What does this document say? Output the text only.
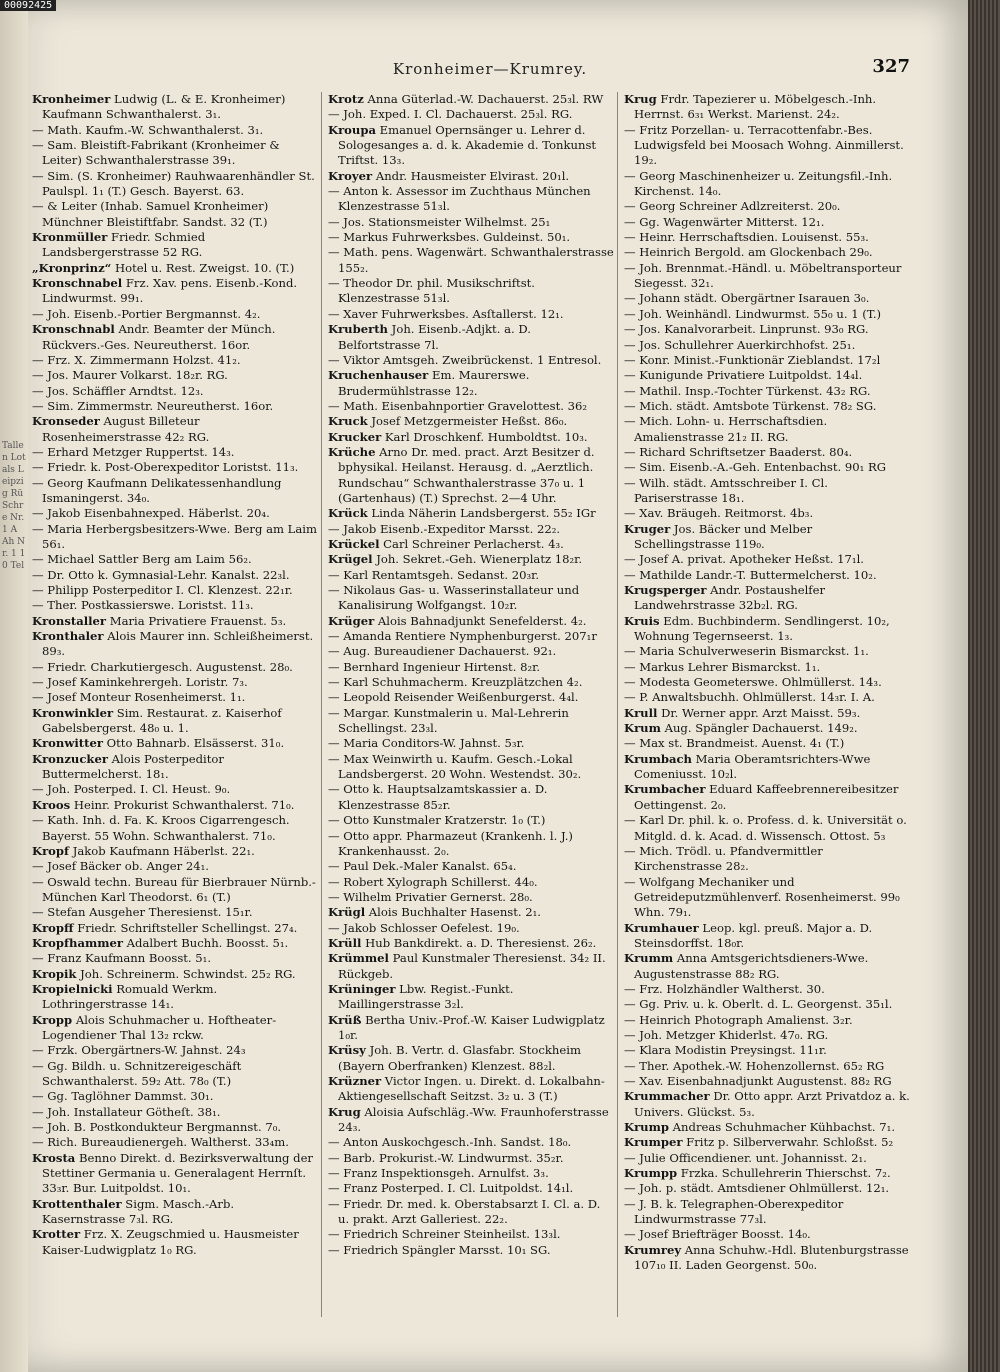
Tallen Lotals Leipzig Rü Schre Nr. 1 A Ah Nr. 1 10 Tel
00092425
Kronheimer—Krumrey.	327

Kronheimer Ludwig (L. & E. Kronheimer) Kaufmann Schwanthalerst. 3₁.

— Math. Kaufm.-W. Schwanthalerst. 3₁.

— Sam. Bleistift-Fabrikant (Kronheimer & Leiter) Schwanthalerstrasse 39₁.

— Sim. (S. Kronheimer) Rauhwaarenhändler St. Paulspl. 1₁ (T.) Gesch. Bayerst. 63.

— & Leiter (Inhab. Samuel Kronheimer) Münchner Bleistiftfabr. Sandst. 32 (T.)

Kronmüller Friedr. Schmied Landsbergerstrasse 52 RG.

„Kronprinz“ Hotel u. Rest. Zweigst. 10. (T.)

Kronschnabel Frz. Xav. pens. Eisenb.-Kond. Lindwurmst. 99₁.

— Joh. Eisenb.-Portier Bergmannst. 4₂.

Kronschnabl Andr. Beamter der Münch. Rückvers.-Ges. Neureutherst. 16or.

— Frz. X. Zimmermann Holzst. 41₂.

— Jos. Maurer Volkarst. 18₂r. RG.

— Jos. Schäffler Arndtst. 12₃.

— Sim. Zimmermstr. Neureutherst. 16or.

Kronseder August Billeteur Rosenheimerstrasse 42₂ RG.

— Erhard Metzger Ruppertst. 14₃.

— Friedr. k. Post-Oberexpeditor Loristst. 11₃.

— Georg Kaufmann Delikatessenhandlung Ismaningerst. 34₀.

— Jakob Eisenbahnexped. Häberlst. 20₄.

— Maria Herbergsbesitzers-Wwe. Berg am Laim 56₁.

— Michael Sattler Berg am Laim 56₂.

— Dr. Otto k. Gymnasial-Lehr. Kanalst. 22₃l.

— Philipp Posterpeditor I. Cl. Klenzest. 22₁r.

— Ther. Postkassierswe. Loristst. 11₃.

Kronstaller Maria Privatiere Frauenst. 5₃.

Kronthaler Alois Maurer inn. Schleißheimerst. 89₃.

— Friedr. Charkutiergesch. Augustenst. 28₀.

— Josef Kaminkehrergeh. Loristr. 7₃.

— Josef Monteur Rosenheimerst. 1₁.

Kronwinkler Sim. Restaurat. z. Kaiserhof Gabelsbergerst. 48₀ u. 1.

Kronwitter Otto Bahnarb. Elsässerst. 31₀.

Kronzucker Alois Posterpeditor Buttermelcherst. 18₁.

— Joh. Posterped. I. Cl. Heust. 9₀.

Kroos Heinr. Prokurist Schwanthalerst. 71₀.

— Kath. Inh. d. Fa. K. Kroos Cigarrengesch. Bayerst. 55 Wohn. Schwanthalerst. 71₀.

Kropf Jakob Kaufmann Häberlst. 22₁.

— Josef Bäcker ob. Anger 24₁.

— Oswald techn. Bureau für Bierbrauer Nürnb.-München Karl Theodorst. 6₁ (T.)

— Stefan Ausgeher Theresienst. 15₁r.

Kropff Friedr. Schriftsteller Schellingst. 27₄.

Kropfhammer Adalbert Buchh. Boosst. 5₁.

— Franz Kaufmann Boosst. 5₁.

Kropik Joh. Schreinerm. Schwindst. 25₂ RG.

Kropielnicki Romuald Werkm. Lothringerstrasse 14₁.

Kropp Alois Schuhmacher u. Hoftheater-Logendiener Thal 13₂ rckw.

— Frzk. Obergärtners-W. Jahnst. 24₃

— Gg. Bildh. u. Schnitzereigeschäft Schwanthalerst. 59₂ Att. 78₀ (T.)

— Gg. Taglöhner Dammst. 30₁.

— Joh. Installateur Götheſt. 38₁.

— Joh. B. Postkondukteur Bergmannst. 7₀.

— Rich. Bureaudienergeh. Waltherst. 33₄m.

Krosta Benno Direkt. d. Bezirksverwaltung der Stettiner Germania u. Generalagent Herrnſt. 33₃r. Bur. Luitpoldst. 10₁.

Krottenthaler Sigm. Masch.-Arb. Kasernstrasse 7₃l. RG.

Krotter Frz. X. Zeugschmied u. Hausmeister Kaiser-Ludwigplatz 1₀ RG.

Krotz Anna Güterlad.-W. Dachauerst. 25₃l. RW

— Joh. Exped. I. Cl. Dachauerst. 25₃l. RG.

Kroupa Emanuel Opernsänger u. Lehrer d. Sologesanges a. d. k. Akademie d. Tonkunst Triftst. 13₃.

Kroyer Andr. Hausmeister Elvirast. 20₁l.

— Anton k. Assessor im Zuchthaus München Klenzestrasse 51₃l.

— Jos. Stationsmeister Wilhelmst. 25₁

— Markus Fuhrwerksbes. Guldeinst. 50₁.

— Math. pens. Wagenwärt. Schwanthalerstrasse 155₂.

— Theodor Dr. phil. Musikschriftst. Klenzestrasse 51₃l.

— Xaver Fuhrwerksbes. Asſtallerst. 12₁.

Kruberth Joh. Eisenb.-Adjkt. a. D. Belfortstrasse 7l.

— Viktor Amtsgeh. Zweibrückenst. 1 Entresol.

Kruchenhauser Em. Maurerswe. Brudermühlstrasse 12₂.

— Math. Eisenbahnportier Gravelottest. 36₂

Kruck Josef Metzgermeister Heßst. 86₀.

Krucker Karl Droschkenf. Humboldtst. 10₃.

Krüche Arno Dr. med. pract. Arzt Besitzer d. bphysikal. Heilanst. Herausg. d. „Aerztlich. Rundschau“ Schwanthalerstrasse 37₀ u. 1 (Gartenhaus) (T.) Sprechst. 2—4 Uhr.

Krück Linda Näherin Landsbergerst. 55₂ IGr

— Jakob Eisenb.-Expeditor Marsst. 22₂.

Krückel Carl Schreiner Perlacherst. 4₃.

Krügel Joh. Sekret.-Geh. Wienerplatz 18₂r.

— Karl Rentamtsgeh. Sedanst. 20₃r.

— Nikolaus Gas- u. Wasserinstallateur und Kanalisirung Wolfgangst. 10₂r.

Krüger Alois Bahnadjunkt Senefelderst. 4₂.

— Amanda Rentiere Nymphenburgerst. 207₁r

— Aug. Bureaudiener Dachauerst. 92₁.

— Bernhard Ingenieur Hirtenst. 8₂r.

— Karl Schuhmacherm. Kreuzplätzchen 4₂.

— Leopold Reisender Weißenburgerst. 4₄l.

— Margar. Kunstmalerin u. Mal-Lehrerin Schellingst. 23₃l.

— Maria Conditors-W. Jahnst. 5₃r.

— Max Weinwirth u. Kaufm. Gesch.-Lokal Landsbergerst. 20 Wohn. Westendst. 30₂.

— Otto k. Hauptsalzamtskassier a. D. Klenzestrasse 85₂r.

— Otto Kunstmaler Kratzerstr. 1₀ (T.)

— Otto appr. Pharmazeut (Krankenh. l. J.) Krankenhausst. 2₀.

— Paul Dek.-Maler Kanalst. 65₄.

— Robert Xylograph Schillerst. 44₀.

— Wilhelm Privatier Gernerst. 28₀.

Krügl Alois Buchhalter Hasenst. 2₁.

— Jakob Schlosser Oefelest. 19₀.

Krüll Hub Bankdirekt. a. D. Theresienst. 26₂.

Krümmel Paul Kunstmaler Theresienst. 34₂ II. Rückgeb.

Krüninger Lbw. Regist.-Funkt. Maillingerstrasse 3₂l.

Krüß Bertha Univ.-Prof.-W. Kaiser Ludwigplatz 1₀r.

Krüsy Joh. B. Vertr. d. Glasfabr. Stockheim (Bayern Oberfranken) Klenzest. 88₂l.

Krüzner Victor Ingen. u. Direkt. d. Lokalbahn-Aktiengesellschaft Seitzst. 3₂ u. 3 (T.)

Krug Aloisia Aufschläg.-Ww. Fraunhoferstrasse 24₃.

— Anton Auskochgesch.-Inh. Sandst. 18₀.

— Barb. Prokurist.-W. Lindwurmst. 35₂r.

— Franz Inspektionsgeh. Arnulfst. 3₃.

— Franz Posterped. I. Cl. Luitpoldst. 14₁l.

— Friedr. Dr. med. k. Oberstabsarzt I. Cl. a. D. u. prakt. Arzt Galleriest. 22₂.

— Friedrich Schreiner Steinheilst. 13₃l.

— Friedrich Spängler Marsst. 10₁ SG.

Krug Frdr. Tapezierer u. Möbelgesch.-Inh. Herrnst. 6₃₁ Werkst. Marienst. 24₂.

— Fritz Porzellan- u. Terracottenfabr.-Bes. Ludwigsfeld bei Moosach Wohng. Ainmillerst. 19₂.

— Georg Maschinenheizer u. Zeitungsfil.-Inh. Kirchenst. 14₀.

— Georg Schreiner Adlzreiterst. 20₀.

— Gg. Wagenwärter Mitterst. 12₁.

— Heinr. Herrschaftsdien. Louisenst. 55₃.

— Heinrich Bergold. am Glockenbach 29₀.

— Joh. Brennmat.-Händl. u. Möbeltransporteur Siegesst. 32₁.

— Johann städt. Obergärtner Isarauen 3₀.

— Joh. Weinhändl. Lindwurmst. 55₀ u. 1 (T.)

— Jos. Kanalvorarbeit. Linprunst. 93₀ RG.

— Jos. Schullehrer Auerkirchhofst. 25₁.

— Konr. Minist.-Funktionär Zieblandst. 17₂l

— Kunigunde Privatiere Luitpoldst. 14₄l.

— Mathil. Insp.-Tochter Türkenst. 43₂ RG.

— Mich. städt. Amtsbote Türkenst. 78₂ SG.

— Mich. Lohn- u. Herrschaftsdien. Amalienstrasse 21₂ II. RG.

— Richard Schriftsetzer Baaderst. 80₄.

— Sim. Eisenb.-A.-Geh. Entenbachst. 90₁ RG

— Wilh. städt. Amtsschreiber I. Cl. Pariserstrasse 18₁.

— Xav. Bräugeh. Reitmorst. 4b₃.

Kruger Jos. Bäcker und Melber Schellingstrasse 119₀.

— Josef A. privat. Apotheker Heßst. 17₁l.

— Mathilde Landr.-T. Buttermelcherst. 10₂.

Krugsperger Andr. Postaushelfer Landwehrstrasse 32b₂l. RG.

Kruis Edm. Buchbinderm. Sendlingerst. 10₂, Wohnung Tegernseerst. 1₃.

— Maria Schulverweserin Bismarckst. 1₁.

— Markus Lehrer Bismarckst. 1₁.

— Modesta Geometerswe. Ohlmüllerst. 14₃.

— P. Anwaltsbuchh. Ohlmüllerst. 14₃r. I. A.

Krull Dr. Werner appr. Arzt Maisst. 59₃.

Krum Aug. Spängler Dachauerst. 149₂.

— Max st. Brandmeist. Auenst. 4₁ (T.)

Krumbach Maria Oberamtsrichters-Wwe Comeniusst. 10₂l.

Krumbacher Eduard Kaffeebrennereibesitzer Oettingenst. 2₀.

— Karl Dr. phil. k. o. Profess. d. k. Universität o. Mitgld. d. k. Acad. d. Wissensch. Ottost. 5₃

— Mich. Trödl. u. Pfandvermittler Kirchenstrasse 28₂.

— Wolfgang Mechaniker und Getreideputzmühlenverf. Rosenheimerst. 99₀ Whn. 79₁.

Krumhauer Leop. kgl. preuß. Major a. D. Steinsdorffst. 18₀r.

Krumm Anna Amtsgerichtsdieners-Wwe. Augustenstrasse 88₂ RG.

— Frz. Holzhändler Waltherst. 30.

— Gg. Priv. u. k. Oberlt. d. L. Georgenst. 35₁l.

— Heinrich Photograph Amalienst. 3₂r.

— Joh. Metzger Khiderlst. 47₀. RG.

— Klara Modistin Preysingst. 11₁r.

— Ther. Apothek.-W. Hohenzollernst. 65₂ RG

— Xav. Eisenbahnadjunkt Augustenst. 88₂ RG

Krummacher Dr. Otto appr. Arzt Privatdoz a. k. Univers. Glückst. 5₃.

Krump Andreas Schuhmacher Kühbachst. 7₁.

Krumper Fritz p. Silberverwahr. Schloßst. 5₂

— Julie Officendiener. unt. Johannisst. 2₁.

Krumpp Frzka. Schullehrerin Thierschst. 7₂.

— Joh. p. städt. Amtsdiener Ohlmüllerst. 12₁.

— J. B. k. Telegraphen-Oberexpeditor Lindwurmstrasse 77₃l.

— Josef Briefträger Boosst. 14₀.

Krumrey Anna Schuhw.-Hdl. Blutenburgstrasse 107₁₀ II. Laden Georgenst. 50₀.
